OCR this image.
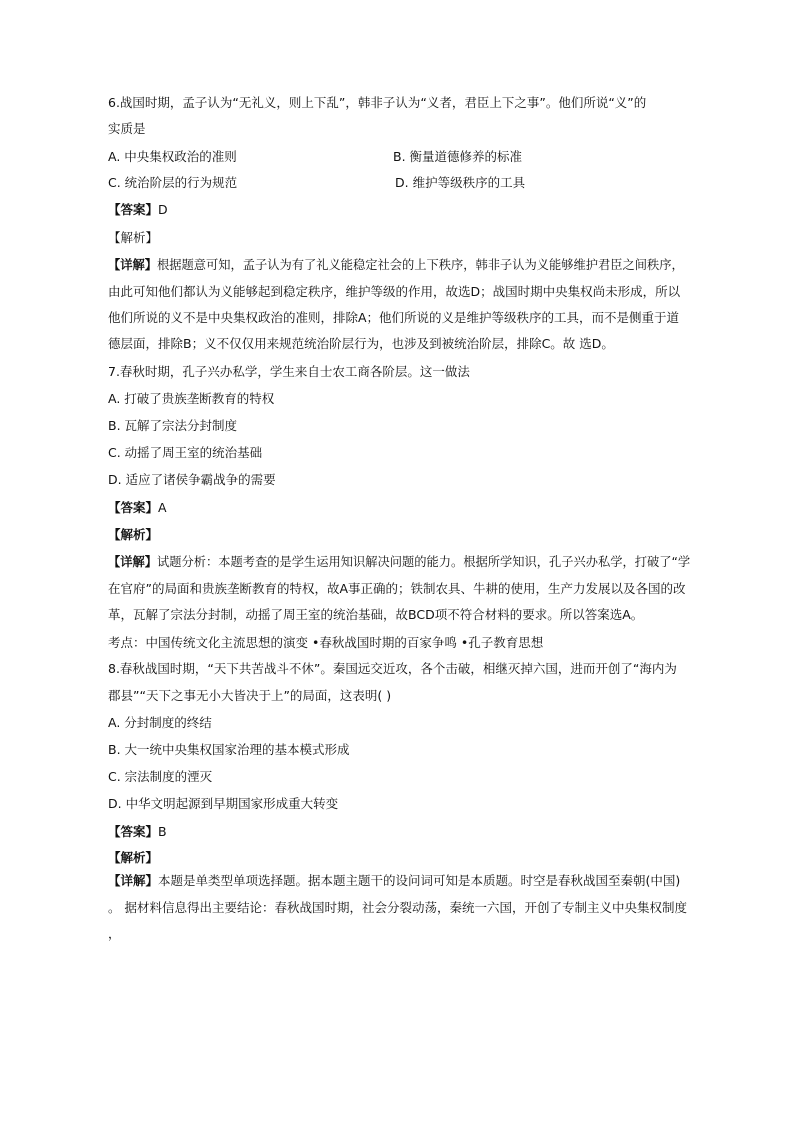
6.战国时期，孟子认为“无礼义，则上下乱”，韩非子认为“义者，君臣上下之事”。他们所说“义”的
实质是
A. 中央集权政治的准则	B. 衡量道德修养的标准
C. 统治阶层的行为规范	D. 维护等级秩序的工具
【答案】D
【解析】
【详解】根据题意可知，孟子认为有了礼义能稳定社会的上下秩序，韩非子认为义能够维护君臣之间秩序，
由此可知他们都认为义能够起到稳定秩序，维护等级的作用，故选D；战国时期中央集权尚未形成，所以
他们所说的义不是中央集权政治的准则，排除A；他们所说的义是维护等级秩序的工具，而不是侧重于道
德层面，排除B；义不仅仅用来规范统治阶层行为，也涉及到被统治阶层，排除C。故 选D。
7.春秋时期，孔子兴办私学，学生来自士农工商各阶层。这一做法
A. 打破了贵族垄断教育的特权
B. 瓦解了宗法分封制度
C. 动摇了周王室的统治基础
D. 适应了诸侯争霸战争的需要
【答案】A
【解析】
【详解】试题分析：本题考查的是学生运用知识解决问题的能力。根据所学知识，孔子兴办私学，打破了“学
在官府”的局面和贵族垄断教育的特权，故A事正确的；铁制农具、牛耕的使用，生产力发展以及各国的改
革，瓦解了宗法分封制，动摇了周王室的统治基础，故BCD项不符合材料的要求。所以答案选A。
考点：中国传统文化主流思想的演变 •春秋战国时期的百家争鸣 •孔子教育思想
8.春秋战国时期，“天下共苦战斗不休”。秦国远交近攻，各个击破，相继灭掉六国，进而开创了“海内为
郡县”“天下之事无小大皆决于上”的局面，这表明( )
A. 分封制度的终结
B. 大一统中央集权国家治理的基本模式形成
C. 宗法制度的湮灭
D. 中华文明起源到早期国家形成重大转变
【答案】B
【解析】
【详解】本题是单类型单项选择题。据本题主题干的设问词可知是本质题。时空是春秋战国至秦朝(中国)
。 据材料信息得出主要结论：春秋战国时期，社会分裂动荡，秦统一六国，开创了专制主义中央集权制度
，
